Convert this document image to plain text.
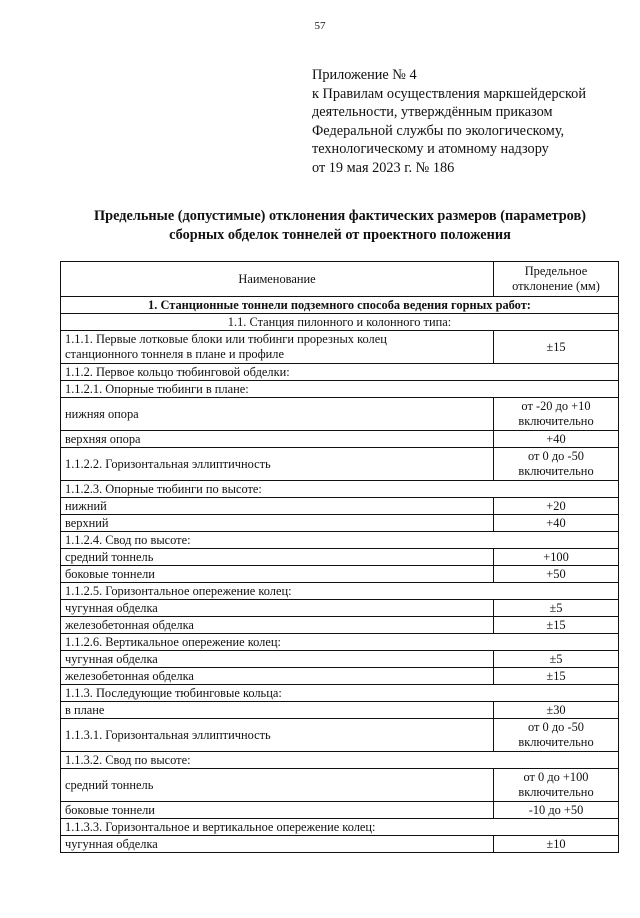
57
Приложение № 4
к Правилам осуществления маркшейдерской
деятельности, утверждённым приказом
Федеральной службы по экологическому,
технологическому и атомному надзору
от 19 мая 2023 г. № 186
Предельные (допустимые) отклонения фактических размеров (параметров)
сборных обделок тоннелей от проектного положения
Наименование	Предельное
отклонение (мм)
1. Станционные тоннели подземного способа ведения горных работ:	
1.1. Станция пилонного и колонного типа:	
1.1.1. Первые лотковые блоки или тюбинги прорезных колец
станционного тоннеля в плане и профиле	±15
1.1.2. Первое кольцо тюбинговой обделки:	
1.1.2.1. Опорные тюбинги в плане:	
нижняя опора	от -20 до +10
включительно
верхняя опора	+40
1.1.2.2. Горизонтальная эллиптичность	от 0 до -50
включительно
1.1.2.3. Опорные тюбинги по высоте:	
нижний	+20
верхний	+40
1.1.2.4. Свод по высоте:	
средний тоннель	+100
боковые тоннели	+50
1.1.2.5. Горизонтальное опережение колец:	
чугунная обделка	±5
железобетонная обделка	±15
1.1.2.6. Вертикальное опережение колец:	
чугунная обделка	±5
железобетонная обделка	±15
1.1.3. Последующие тюбинговые кольца:	
в плане	±30
1.1.3.1. Горизонтальная эллиптичность	от 0 до -50
включительно
1.1.3.2. Свод по высоте:	
средний тоннель	от 0 до +100
включительно
боковые тоннели	-10 до +50
1.1.3.3. Горизонтальное и вертикальное опережение колец:	
чугунная обделка	±10
